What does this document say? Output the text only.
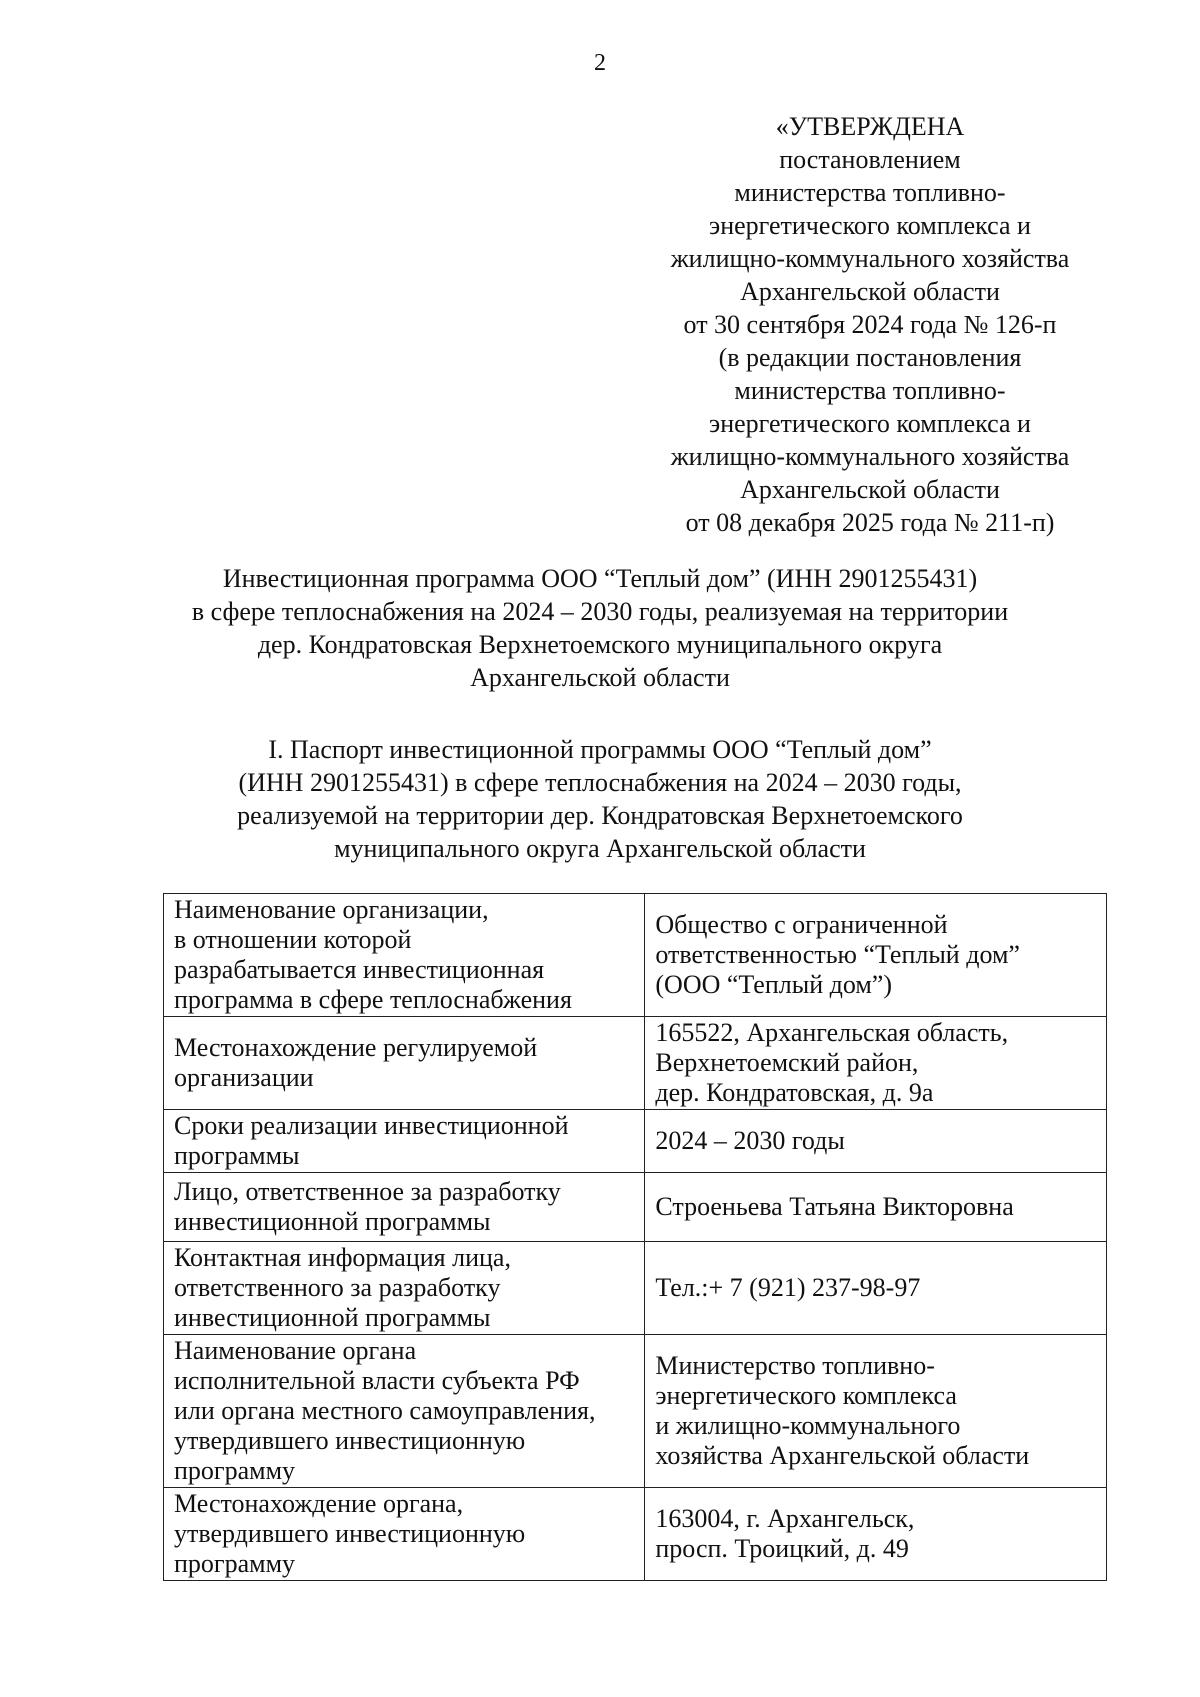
2
«УТВЕРЖДЕНА
постановлением
министерства топливно-
энергетического комплекса и
жилищно-коммунального хозяйства
Архангельской области
от 30 сентября 2024 года № 126-п
(в редакции постановления
министерства топливно-
энергетического комплекса и
жилищно-коммунального хозяйства
Архангельской области
от 08 декабря 2025 года № 211-п)
Инвестиционная программа ООО “Теплый дом” (ИНН 2901255431)
в сфере теплоснабжения на 2024 – 2030 годы, реализуемая на территории
дер. Кондратовская Верхнетоемского муниципального округа
Архангельской области
I. Паспорт инвестиционной программы ООО “Теплый дом”
(ИНН 2901255431) в сфере теплоснабжения на 2024 – 2030 годы,
реализуемой на территории дер. Кондратовская Верхнетоемского
муниципального округа Архангельской области
Наименование организации,
в отношении которой
разрабатывается инвестиционная
программа в сфере теплоснабжения	Общество с ограниченной
ответственностью “Теплый дом”
(ООО “Теплый дом”)

Местонахождение регулируемой
организации	165522, Архангельская область,
Верхнетоемский район,
дер. Кондратовская, д. 9а

Сроки реализации инвестиционной
программы	2024 – 2030 годы

Лицо, ответственное за разработку
инвестиционной программы	Строеньева Татьяна Викторовна

Контактная информация лица,
ответственного за разработку
инвестиционной программы	Тел.:+ 7 (921) 237-98-97

Наименование органа
исполнительной власти субъекта РФ
или органа местного самоуправления,
утвердившего инвестиционную
программу	Министерство топливно-
энергетического комплекса
и жилищно-коммунального
хозяйства Архангельской области

Местонахождение органа,
утвердившего инвестиционную
программу	163004, г. Архангельск,
просп. Троицкий, д. 49
